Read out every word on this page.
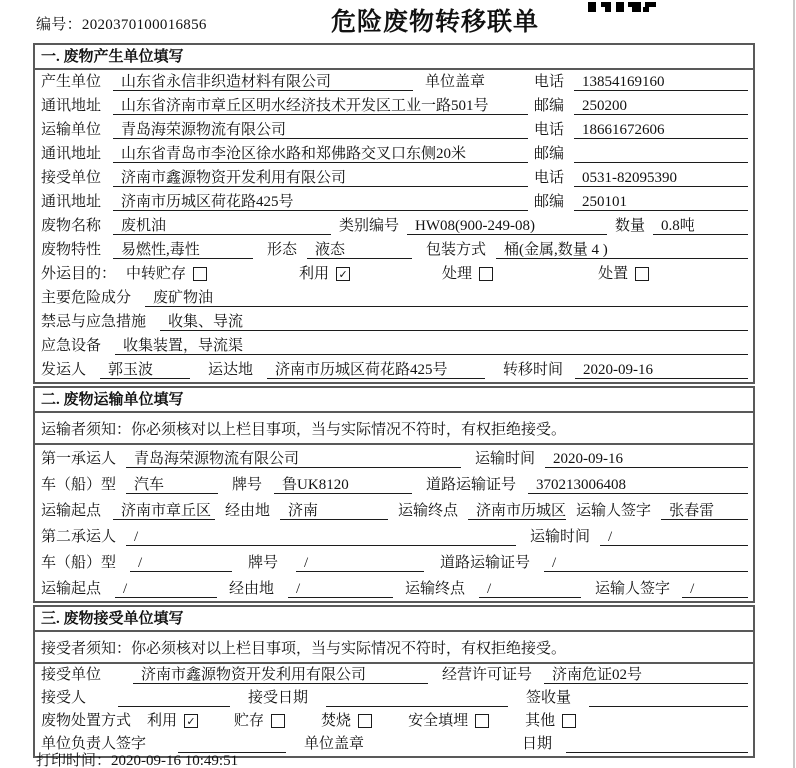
编号：2020370100016856	危险废物转移联单
一. 废物产生单位填写
产生单位	山东省永信非织造材料有限公司	单位盖章	电话	13854169160
通讯地址	山东省济南市章丘区明水经济技术开发区工业一路501号	邮编	250200
运输单位	青岛海荣源物流有限公司	电话	18661672606
通讯地址	山东省青岛市李沧区徐水路和郑佛路交叉口东侧20米	邮编
接受单位	济南市鑫源物资开发利用有限公司	电话	0531-82095390
通讯地址	济南市历城区荷花路425号	邮编	250101
废物名称	废机油	类别编号	HW08(900-249-08)	数量	0.8吨
废物特性	易燃性,毒性	形态	液态	包装方式	桶(金属,数量 4 )
外运目的： 中转贮存	利用 ✓	处理	处置
主要危险成分	废矿物油
禁忌与应急措施	收集、导流
应急设备	收集装置，导流渠
发运人	郭玉波	运达地	济南市历城区荷花路425号	转移时间	2020-09-16
二. 废物运输单位填写
运输者须知：你必须核对以上栏目事项，当与实际情况不符时，有权拒绝接受。
第一承运人	青岛海荣源物流有限公司	运输时间	2020-09-16
车（船）型	汽车	牌号	鲁UK8120	道路运输证号	370213006408
运输起点	济南市章丘区 经由地	济南	运输终点	济南市历城区 运输人签字	张春雷
第二承运人	/	运输时间	/
车（船）型	/	牌号	/	道路运输证号	/
运输起点	/	经由地	/	运输终点	/	运输人签字	/
三. 废物接受单位填写
接受者须知：你必须核对以上栏目事项，当与实际情况不符时，有权拒绝接受。
接受单位	济南市鑫源物资开发利用有限公司	经营许可证号	济南危证02号
接受人	接受日期	签收量
废物处置方式 利用 ✓	贮存	焚烧	安全填埋	其他
单位负责人签字	单位盖章	日期
打印时间：2020-09-16 10:49:51
